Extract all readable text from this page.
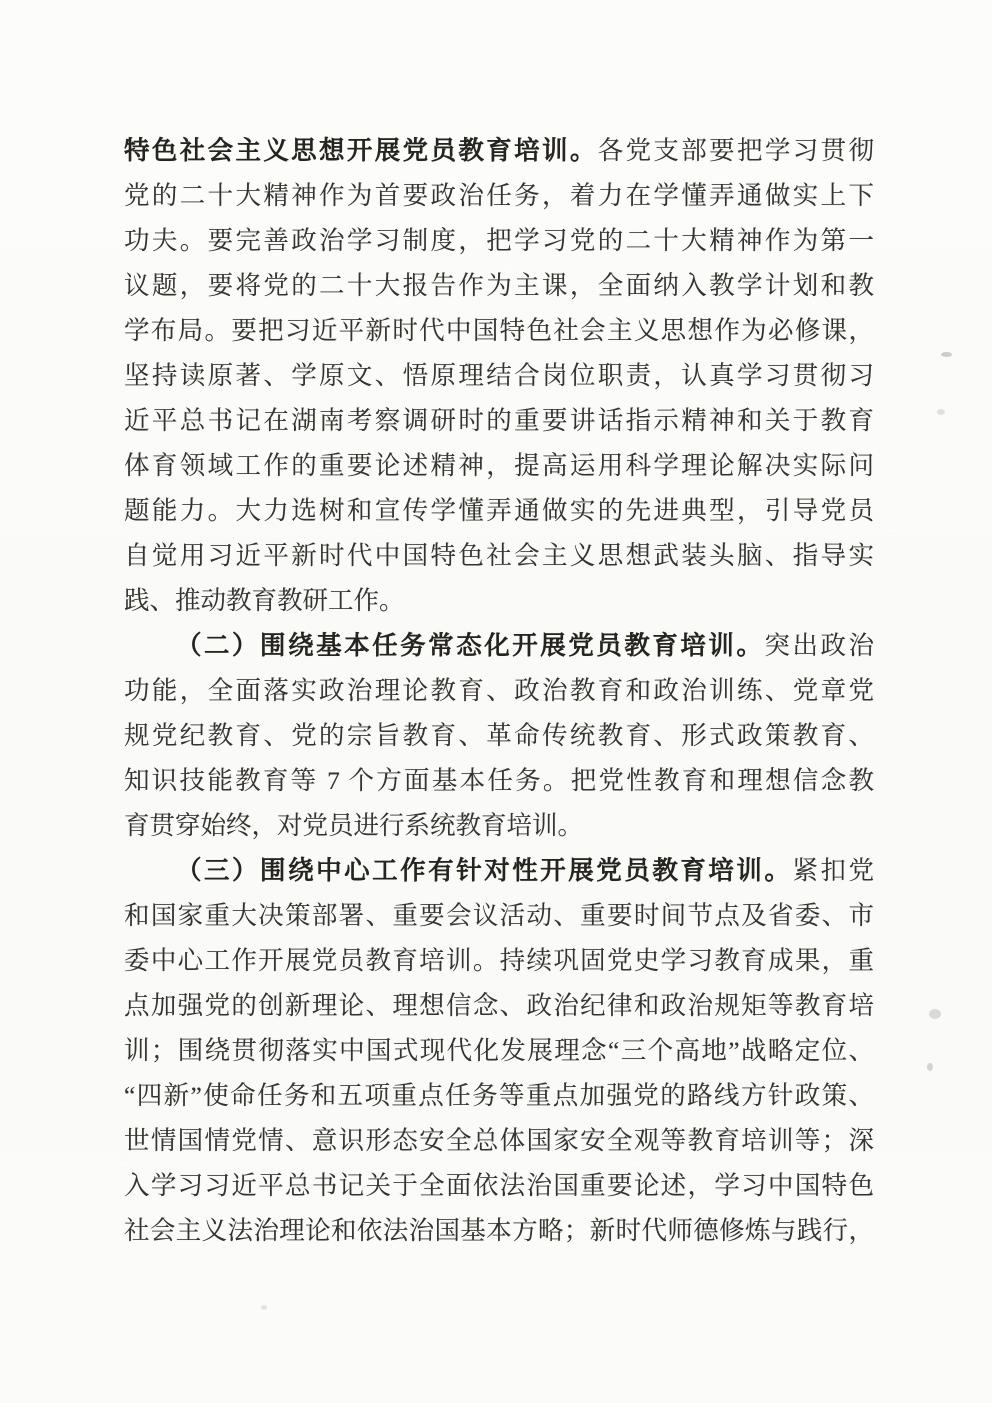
特色社会主义思想开展党员教育培训。各党支部要把学习贯彻
党的二十大精神作为首要政治任务，着力在学懂弄通做实上下
功夫。要完善政治学习制度，把学习党的二十大精神作为第一
议题，要将党的二十大报告作为主课，全面纳入教学计划和教
学布局。要把习近平新时代中国特色社会主义思想作为必修课，
坚持读原著、学原文、悟原理结合岗位职责，认真学习贯彻习
近平总书记在湖南考察调研时的重要讲话指示精神和关于教育
体育领域工作的重要论述精神，提高运用科学理论解决实际问
题能力。大力选树和宣传学懂弄通做实的先进典型，引导党员
自觉用习近平新时代中国特色社会主义思想武装头脑、指导实
践、推动教育教研工作。
（二）围绕基本任务常态化开展党员教育培训。突出政治
功能，全面落实政治理论教育、政治教育和政治训练、党章党
规党纪教育、党的宗旨教育、革命传统教育、形式政策教育、
知识技能教育等 7 个方面基本任务。把党性教育和理想信念教
育贯穿始终，对党员进行系统教育培训。
（三）围绕中心工作有针对性开展党员教育培训。紧扣党
和国家重大决策部署、重要会议活动、重要时间节点及省委、市
委中心工作开展党员教育培训。持续巩固党史学习教育成果，重
点加强党的创新理论、理想信念、政治纪律和政治规矩等教育培
训；围绕贯彻落实中国式现代化发展理念“三个高地”战略定位、
“四新”使命任务和五项重点任务等重点加强党的路线方针政策、
世情国情党情、意识形态安全总体国家安全观等教育培训等；深
入学习习近平总书记关于全面依法治国重要论述，学习中国特色
社会主义法治理论和依法治国基本方略；新时代师德修炼与践行，
